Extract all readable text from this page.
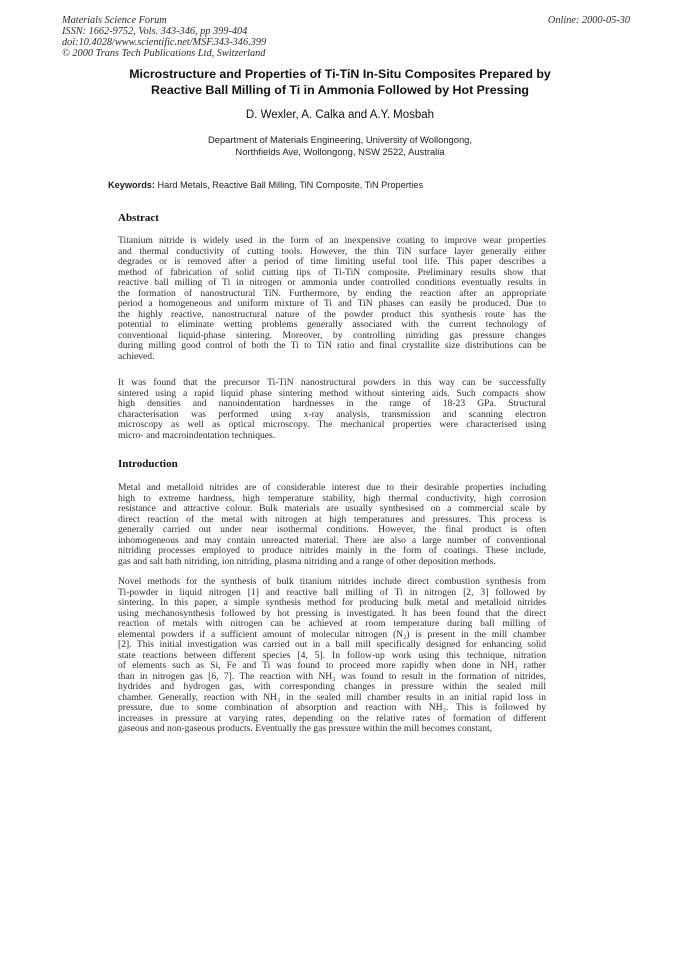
Materials Science Forum
ISSN: 1662-9752, Vols. 343-346, pp 399-404
doi:10.4028/www.scientific.net/MSF.343-346.399
© 2000 Trans Tech Publications Ltd, Switzerland
Online: 2000-05-30
Microstructure and Properties of Ti-TiN In-Situ Composites Prepared by
Reactive Ball Milling of Ti in Ammonia Followed by Hot Pressing
D. Wexler, A. Calka and A.Y. Mosbah
Department of Materials Engineering, University of Wollongong,
Northfields Ave, Wollongong, NSW 2522, Australia
Keywords: Hard Metals, Reactive Ball Milling, TiN Composite, TiN Properties
Abstract
Titanium nitride is widely used in the form of an inexpensive coating to improve wear properties
and thermal conductivity of cutting tools. However, the thin TiN surface layer generally either
degrades or is removed after a period of time limiting useful tool life. This paper describes a
method of fabrication of solid cutting tips of Ti-TiN composite. Preliminary results show that
reactive ball milling of Ti in nitrogen or ammonia under controlled conditions eventually results in
the formation of nanostructural TiN. Furthermore, by ending the reaction after an appropriate
period a homogeneous and uniform mixture of Ti and TiN phases can easily be produced. Due to
the highly reactive, nanostructural nature of the powder product this synthesis route has the
potential to eliminate wetting problems generally associated with the current technology of
conventional liquid-phase sintering. Moreover, by controlling nitriding gas pressure changes
during milling good control of both the Ti to TiN ratio and final crystallite size distributions can be
achieved.
It was found that the precursor Ti-TiN nanostructural powders in this way can be successfully
sintered using a rapid liquid phase sintering method without sintering aids. Such compacts show
high densities and nanoindentation hardnesses in the range of 18-23 GPa. Structural
characterisation was performed using x-ray analysis, transmission and scanning electron
microscopy as well as optical microscopy. The mechanical properties were characterised using
micro- and macroindentation techniques.
Introduction
Metal and metalloid nitrides are of considerable interest due to their desirable properties including
high to extreme hardness, high temperature stability, high thermal conductivity, high corrosion
resistance and attractive colour. Bulk materials are usually synthesised on a commercial scale by
direct reaction of the metal with nitrogen at high temperatures and pressures. This process is
generally carried out under near isothermal conditions. However, the final product is often
inhomogeneous and may contain unreacted material. There are also a large number of conventional
nitriding processes employed to produce nitrides mainly in the form of coatings. These include,
gas and salt bath nitriding, ion nitriding, plasma nitriding and a range of other deposition methods.
Novel methods for the synthesis of bulk titanium nitrides include direct combustion synthesis from
Ti-powder in liquid nitrogen [1] and reactive ball milling of Ti in nitrogen [2, 3] followed by
sintering. In this paper, a simple synthesis method for producing bulk metal and metalloid nitrides
using mechanosynthesis followed by hot pressing is investigated. It has been found that the direct
reaction of metals with nitrogen can be achieved at room temperature during ball milling of
elemental powders if a sufficient amount of molecular nitrogen (N₂) is present in the mill chamber
[2]. This initial investigation was carried out in a ball mill specifically designed for enhancing solid
state reactions between different species [4, 5]. In follow-up work using this technique, nitration
of elements such as Si, Fe and Ti was found to proceed more rapidly when done in NH₃ rather
than in nitrogen gas [6, 7]. The reaction with NH₃ was found to result in the formation of nitrides,
hydrides and hydrogen gas, with corresponding changes in pressure within the sealed mill
chamber. Generally, reaction with NH₃ in the sealed mill chamber results in an initial rapid loss in
pressure, due to some combination of absorption and reaction with NH₃. This is followed by
increases in pressure at varying rates, depending on the relative rates of formation of different
gaseous and non-gaseous products. Eventually the gas pressure within the mill becomes constant,
